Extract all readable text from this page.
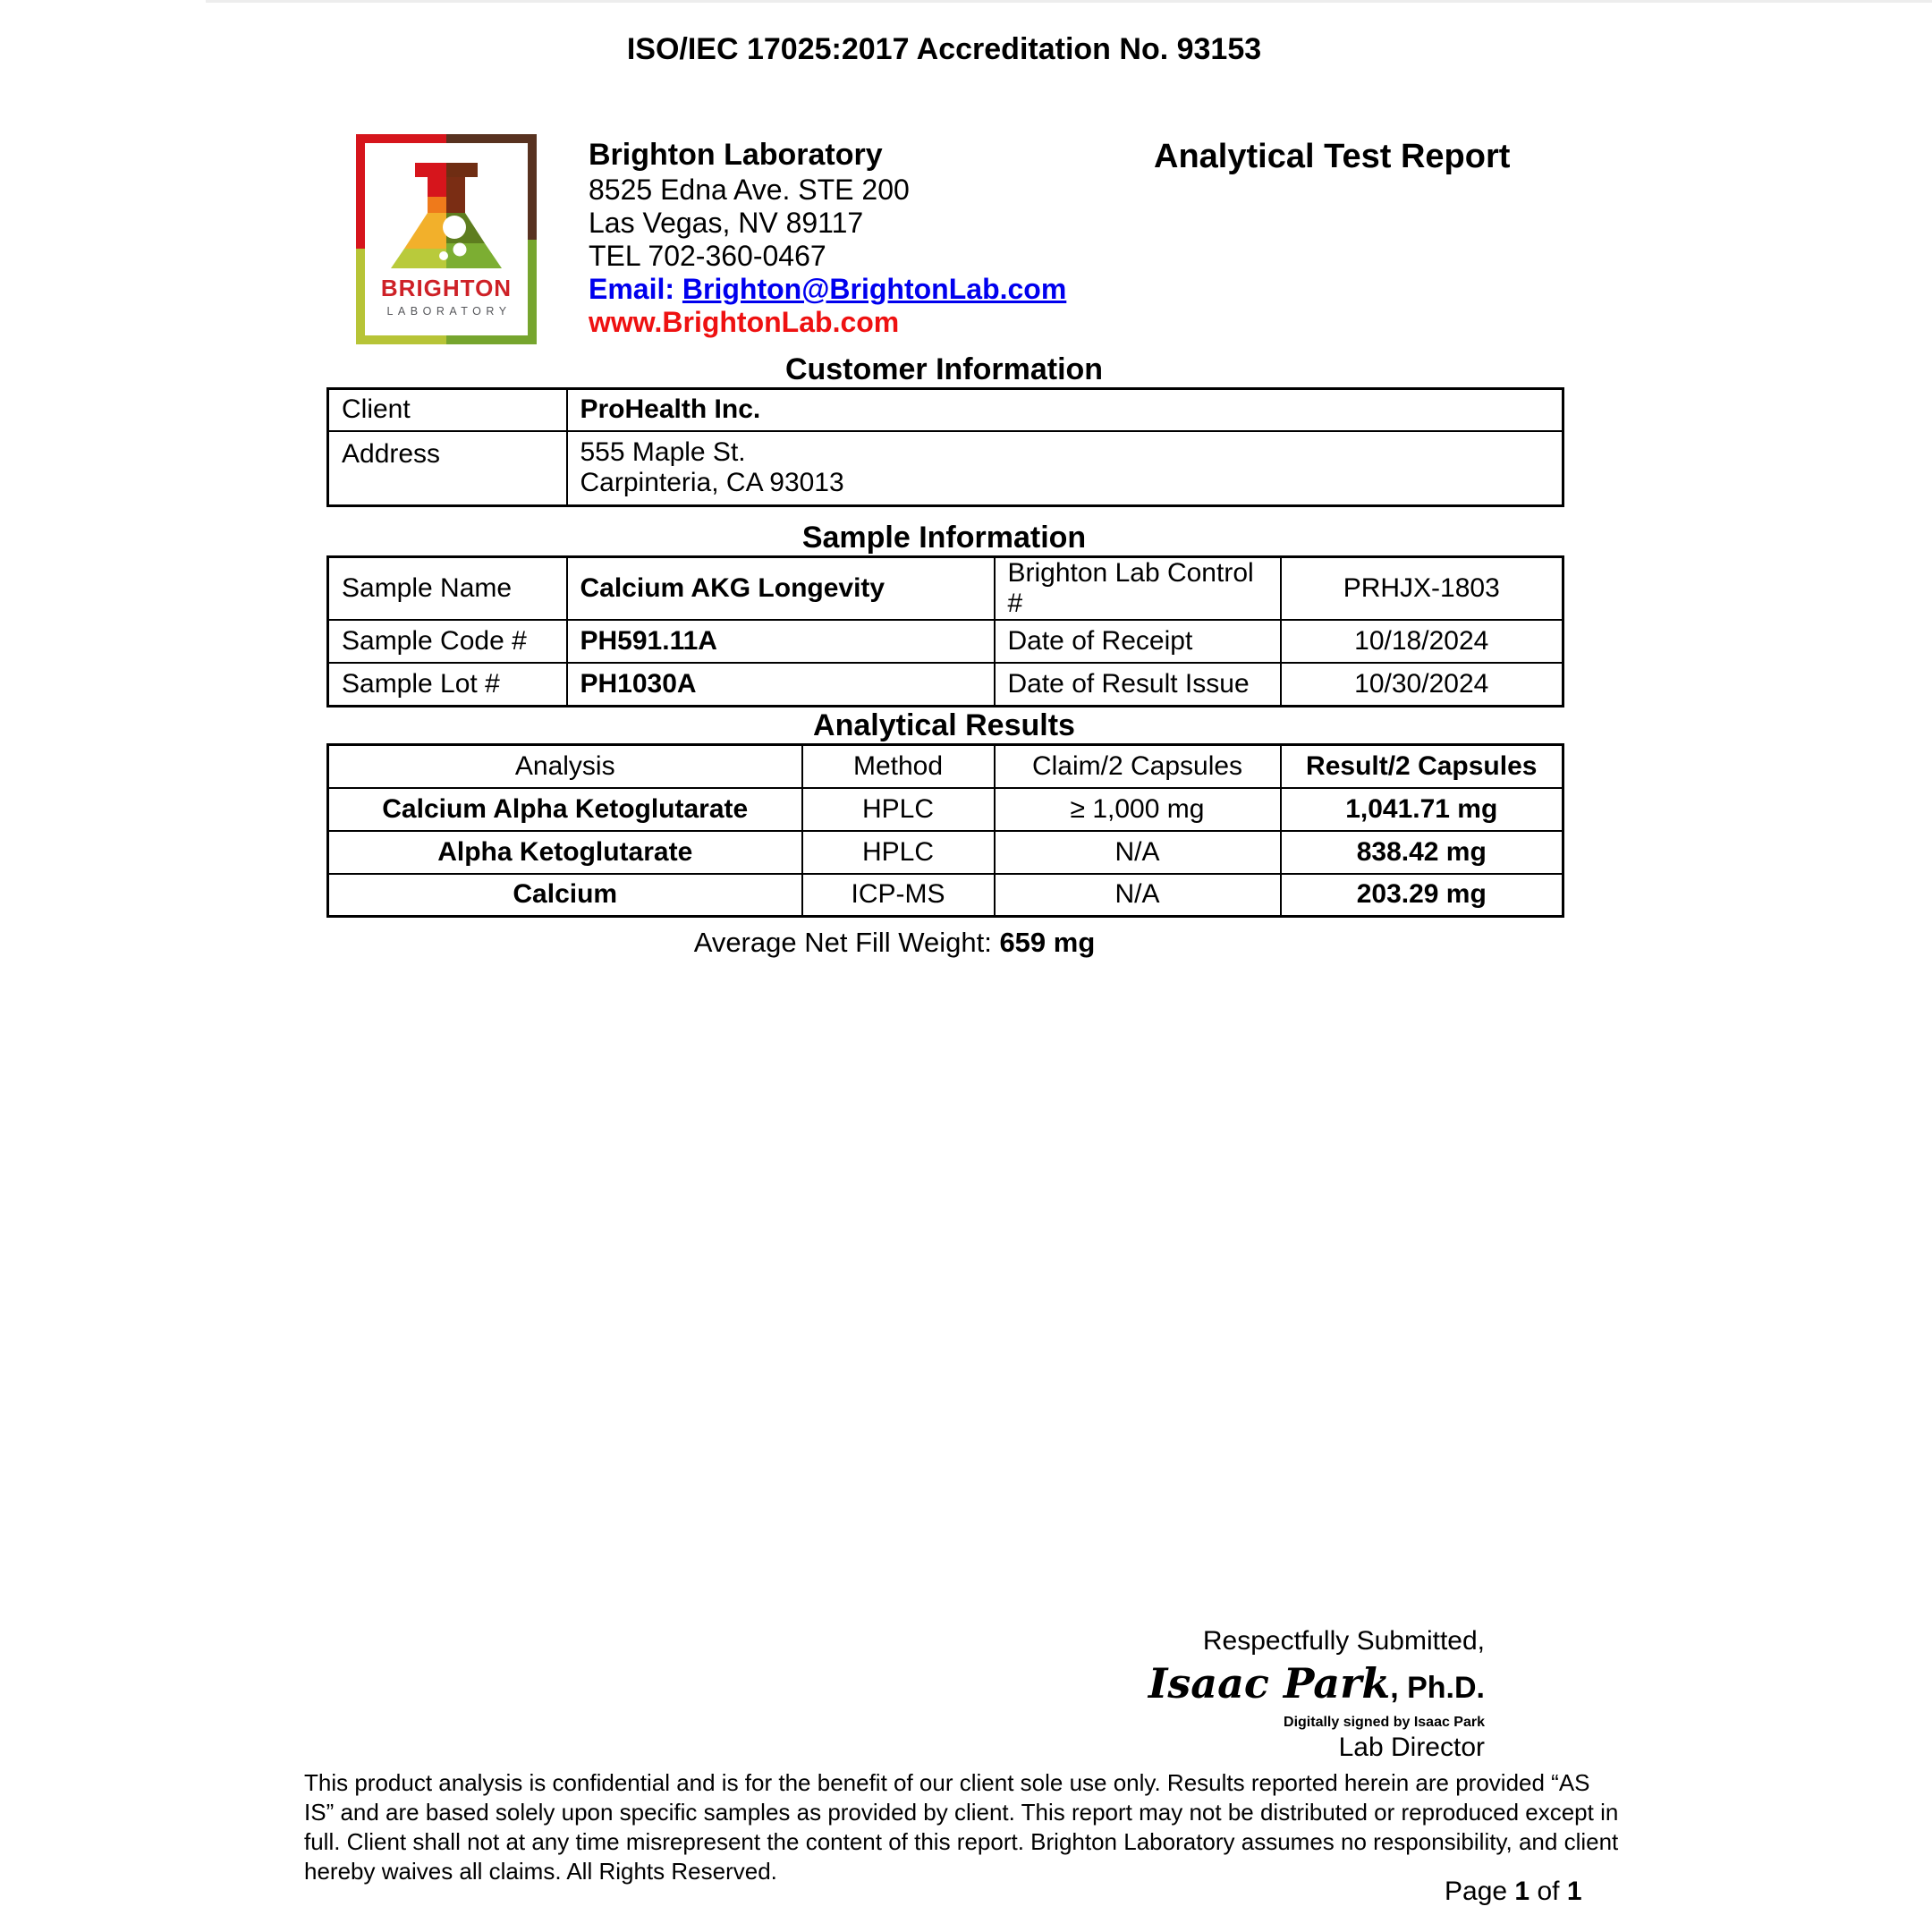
ISO/IEC 17025:2017 Accreditation No. 93153
BRIGHTON
LABORATORY
Brighton Laboratory
8525 Edna Ave. STE 200
Las Vegas, NV 89117
TEL 702-360-0467
Email: Brighton@BrightonLab.com
www.BrightonLab.com
Analytical Test Report
Customer Information
Client	ProHealth Inc.
Address	555 Maple St.
Carpinteria, CA 93013
Sample Information
Sample Name	Calcium AKG Longevity	Brighton Lab Control #	PRHJX-1803
Sample Code #	PH591.11A	Date of Receipt	10/18/2024
Sample Lot #	PH1030A	Date of Result Issue	10/30/2024
Analytical Results
Analysis	Method	Claim/2 Capsules	Result/2 Capsules
Calcium Alpha Ketoglutarate	HPLC	≥ 1,000 mg	1,041.71 mg
Alpha Ketoglutarate	HPLC	N/A	838.42 mg
Calcium	ICP-MS	N/A	203.29 mg
Average Net Fill Weight: 659 mg
Respectfully Submitted,
Isaac Park, Ph.D.
Digitally signed by Isaac Park
Lab Director
This product analysis is confidential and is for the benefit of our client sole use only. Results reported herein are provided “AS IS” and are based solely upon specific samples as provided by client. This report may not be distributed or reproduced except in full. Client shall not at any time misrepresent the content of this report. Brighton Laboratory assumes no responsibility, and client hereby waives all claims. All Rights Reserved.
Page 1 of 1
